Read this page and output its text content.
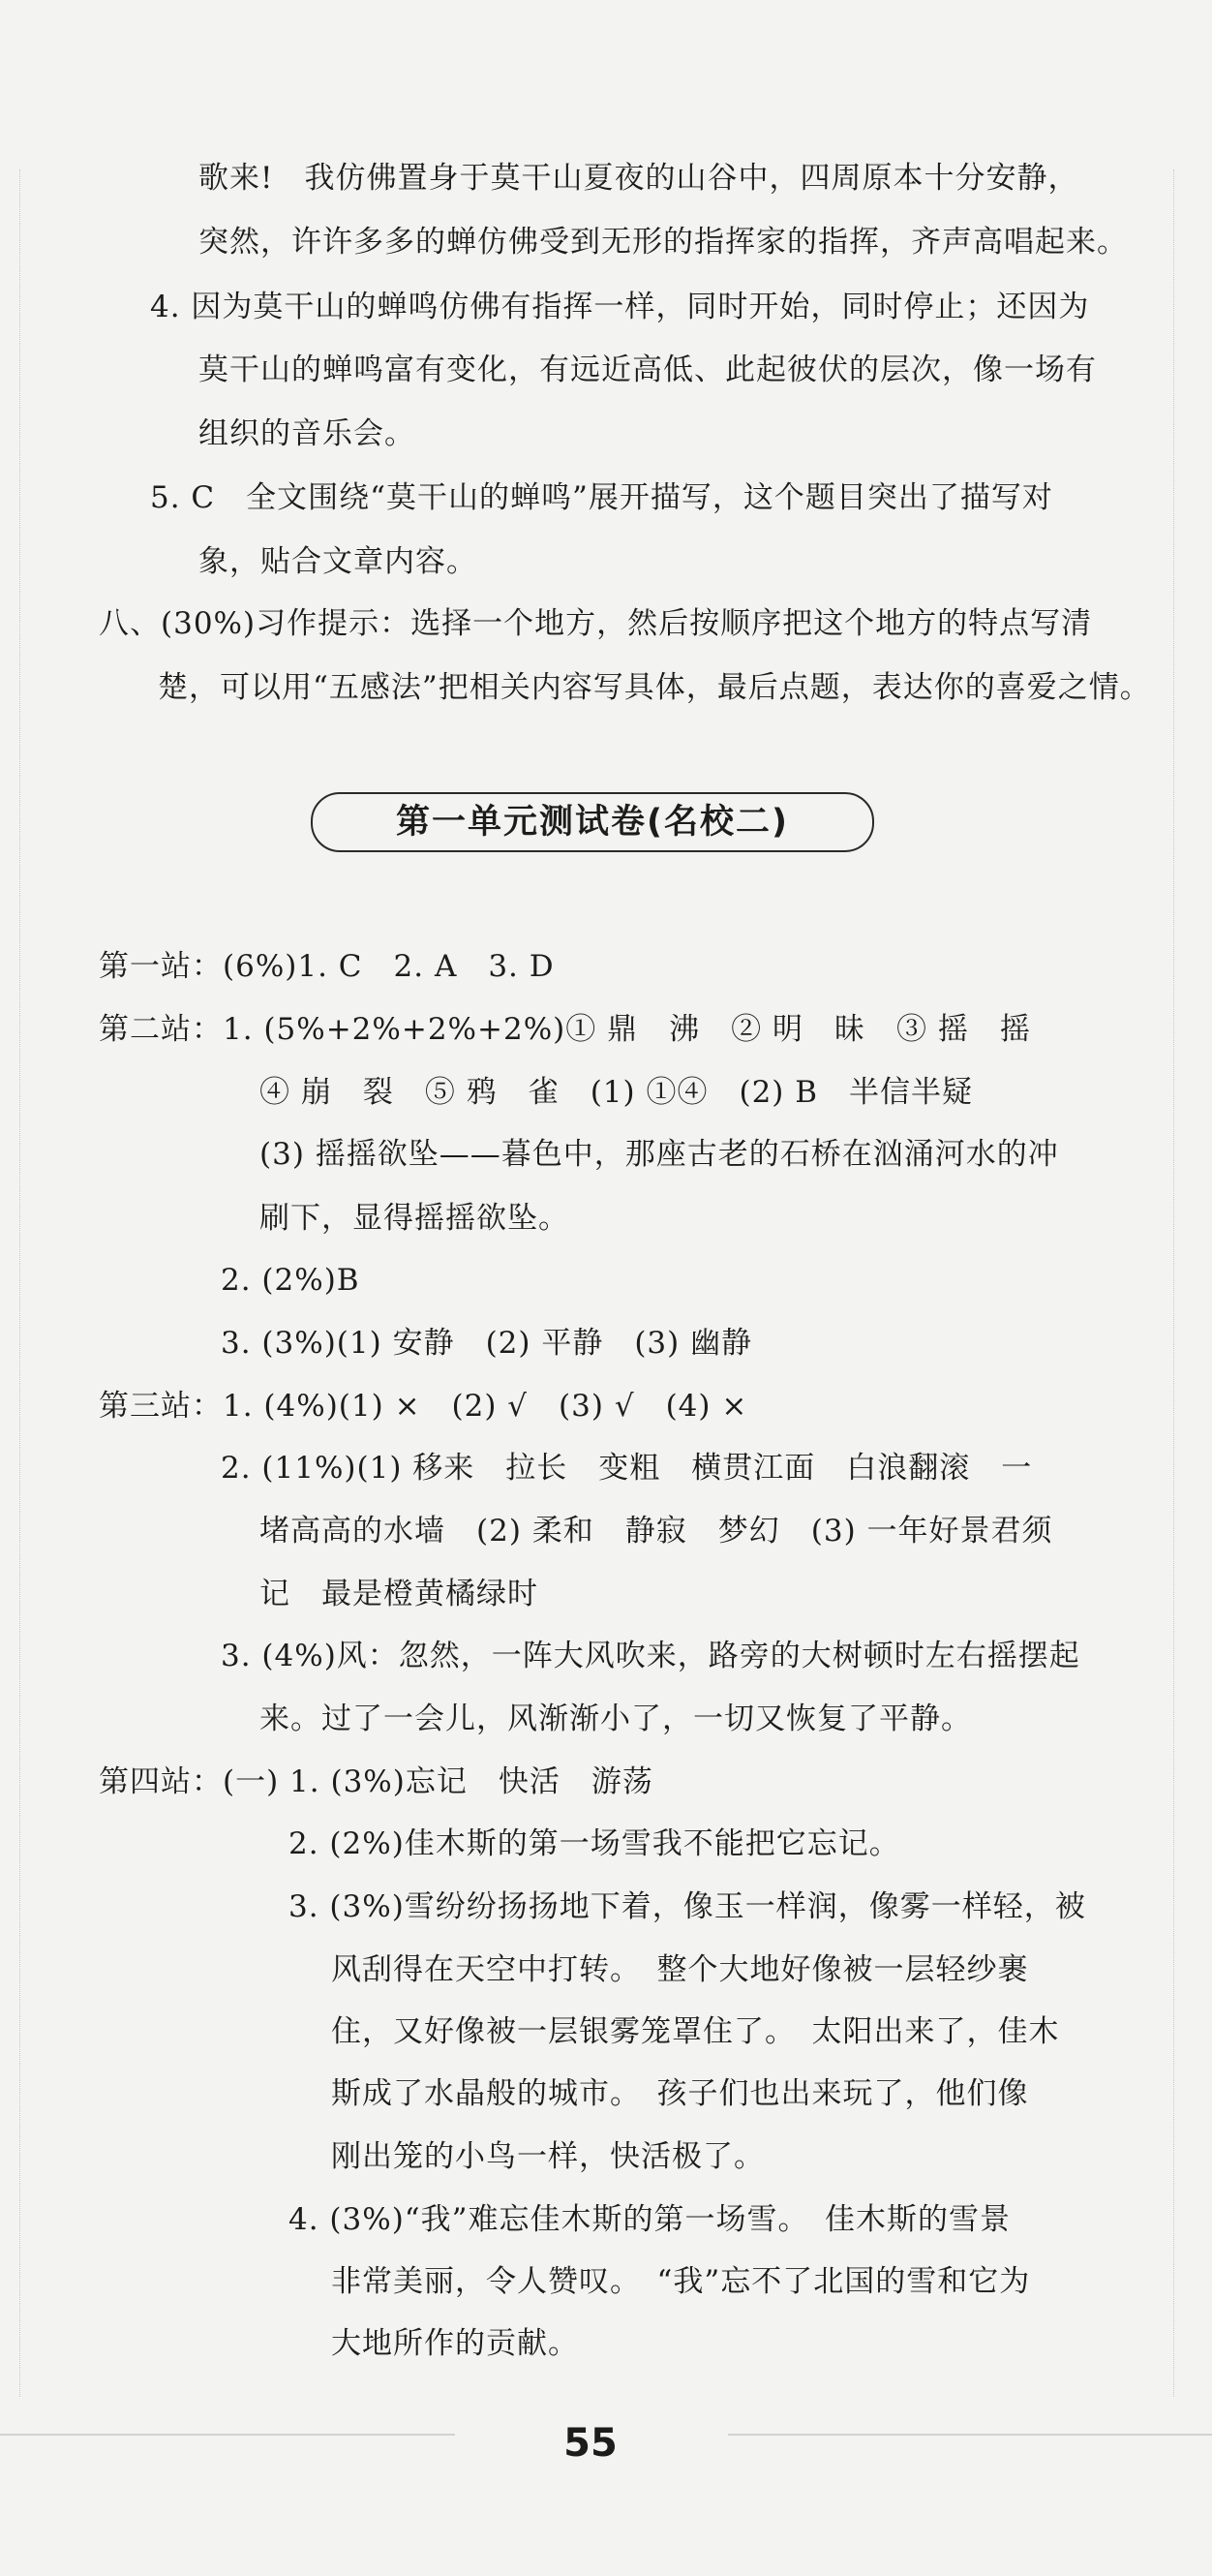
歌来!　我仿佛置身于莫干山夏夜的山谷中，四周原本十分安静，
突然，许许多多的蝉仿佛受到无形的指挥家的指挥，齐声高唱起来。
4. 因为莫干山的蝉鸣仿佛有指挥一样，同时开始，同时停止；还因为
莫干山的蝉鸣富有变化，有远近高低、此起彼伏的层次，像一场有
组织的音乐会。
5. C　全文围绕“莫干山的蝉鸣”展开描写，这个题目突出了描写对
象，贴合文章内容。
八、(30%)习作提示：选择一个地方，然后按顺序把这个地方的特点写清
楚，可以用“五感法”把相关内容写具体，最后点题，表达你的喜爱之情。
第一单元测试卷(名校二)
第一站：(6%)1. C　2. A　3. D
第二站：1. (5%+2%+2%+2%)① 鼎　沸　② 明　昧　③ 摇　摇
④ 崩　裂　⑤ 鸦　雀　(1) ①④　(2) B　半信半疑
(3) 摇摇欲坠——暮色中，那座古老的石桥在汹涌河水的冲
刷下，显得摇摇欲坠。
2. (2%)B
3. (3%)(1) 安静　(2) 平静　(3) 幽静
第三站：1. (4%)(1) ×　(2) √　(3) √　(4) ×
2. (11%)(1) 移来　拉长　变粗　横贯江面　白浪翻滚　一
堵高高的水墙　(2) 柔和　静寂　梦幻　(3) 一年好景君须
记　最是橙黄橘绿时
3. (4%)风：忽然，一阵大风吹来，路旁的大树顿时左右摇摆起
来。过了一会儿，风渐渐小了，一切又恢复了平静。
第四站：(一) 1. (3%)忘记　快活　游荡
2. (2%)佳木斯的第一场雪我不能把它忘记。
3. (3%)雪纷纷扬扬地下着，像玉一样润，像雾一样轻，被
风刮得在天空中打转。　整个大地好像被一层轻纱裹
住，又好像被一层银雾笼罩住了。　太阳出来了，佳木
斯成了水晶般的城市。　孩子们也出来玩了，他们像
刚出笼的小鸟一样，快活极了。
4. (3%)“我”难忘佳木斯的第一场雪。　佳木斯的雪景
非常美丽，令人赞叹。　“我”忘不了北国的雪和它为
大地所作的贡献。
55
